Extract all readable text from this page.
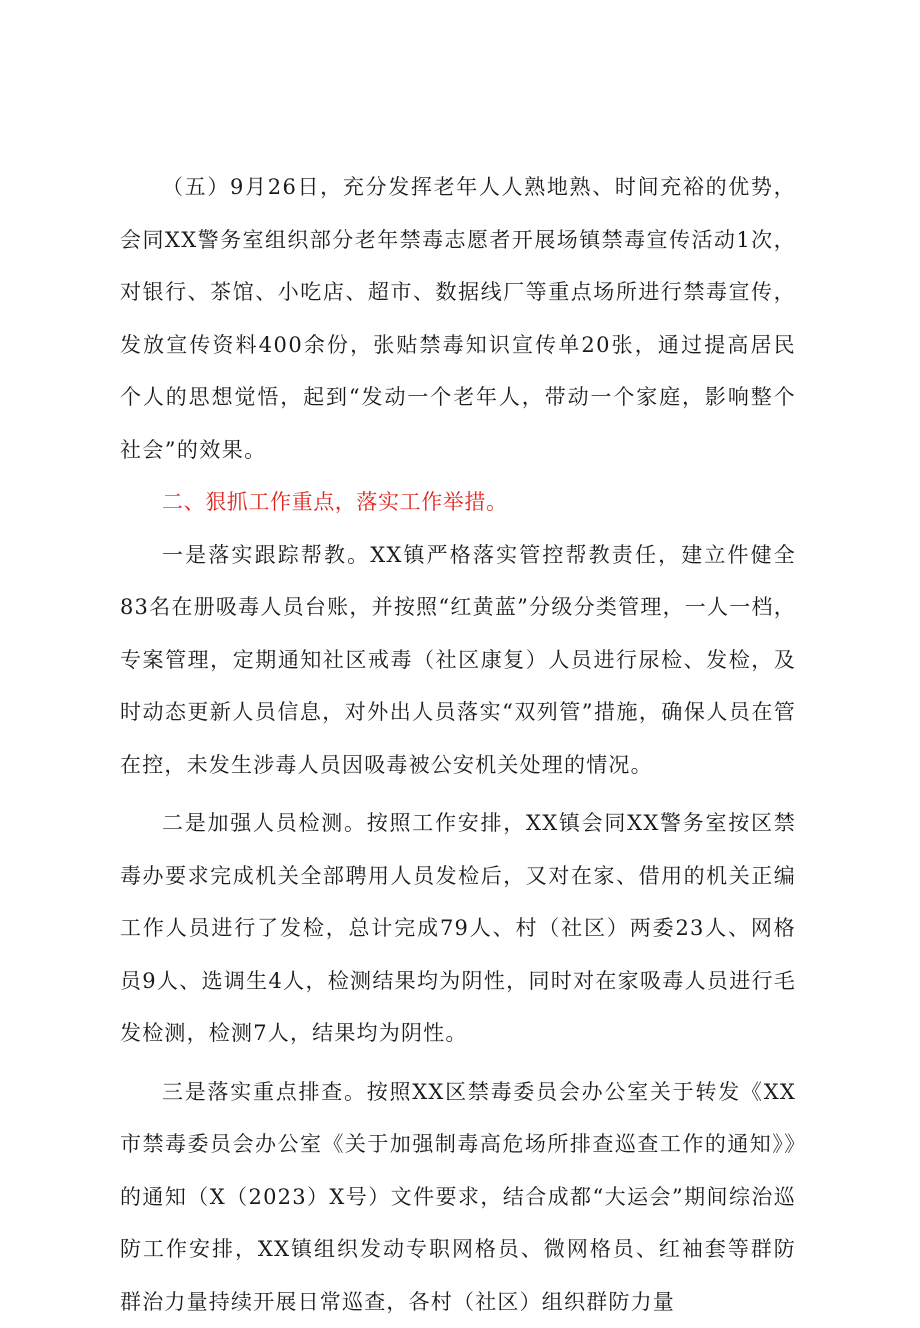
（五）9月26日，充分发挥老年人人熟地熟、时间充裕的优势，会同XX警务室组织部分老年禁毒志愿者开展场镇禁毒宣传活动1次，对银行、茶馆、小吃店、超市、数据线厂等重点场所进行禁毒宣传，发放宣传资料400余份，张贴禁毒知识宣传单20张，通过提高居民个人的思想觉悟，起到“发动一个老年人，带动一个家庭，影响整个社会”的效果。

二、狠抓工作重点，落实工作举措。

一是落实跟踪帮教。XX镇严格落实管控帮教责任，建立件健全83名在册吸毒人员台账，并按照“红黄蓝”分级分类管理，一人一档，专案管理，定期通知社区戒毒（社区康复）人员进行尿检、发检，及时动态更新人员信息，对外出人员落实“双列管”措施，确保人员在管在控，未发生涉毒人员因吸毒被公安机关处理的情况。

二是加强人员检测。按照工作安排，XX镇会同XX警务室按区禁毒办要求完成机关全部聘用人员发检后，又对在家、借用的机关正编工作人员进行了发检，总计完成79人、村（社区）两委23人、网格员9人、选调生4人，检测结果均为阴性，同时对在家吸毒人员进行毛发检测，检测7人，结果均为阴性。

三是落实重点排查。按照XX区禁毒委员会办公室关于转发《XX市禁毒委员会办公室《关于加强制毒高危场所排查巡查工作的通知》》的通知（X（2023）X号）文件要求，结合成都“大运会”期间综治巡防工作安排，XX镇组织发动专职网格员、微网格员、红袖套等群防群治力量持续开展日常巡查，各村（社区）组织群防力量
